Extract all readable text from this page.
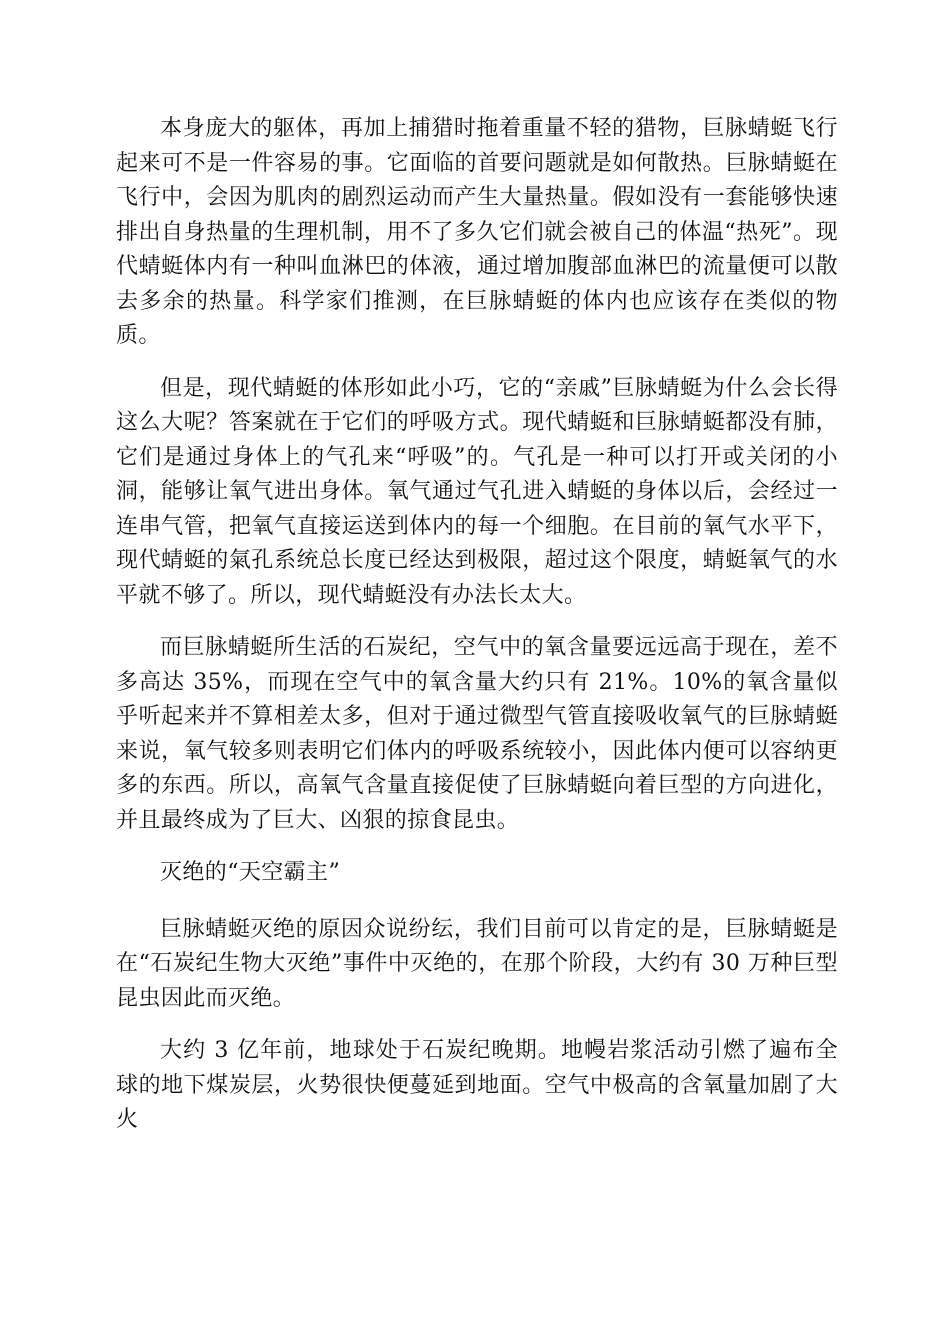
本身庞大的躯体，再加上捕猎时拖着重量不轻的猎物，巨脉蜻蜓飞行起来可不是一件容易的事。它面临的首要问题就是如何散热。巨脉蜻蜓在飞行中，会因为肌肉的剧烈运动而产生大量热量。假如没有一套能够快速排出自身热量的生理机制，用不了多久它们就会被自己的体温“热死”。现代蜻蜓体内有一种叫血淋巴的体液，通过增加腹部血淋巴的流量便可以散去多余的热量。科学家们推测，在巨脉蜻蜓的体内也应该存在类似的物质。

但是，现代蜻蜓的体形如此小巧，它的“亲戚”巨脉蜻蜓为什么会长得这么大呢？答案就在于它们的呼吸方式。现代蜻蜓和巨脉蜻蜓都没有肺，它们是通过身体上的气孔来“呼吸”的。气孔是一种可以打开或关闭的小洞，能够让氧气进出身体。氧气通过气孔进入蜻蜓的身体以后，会经过一连串气管，把氧气直接运送到体内的每一个细胞。在目前的氧气水平下，现代蜻蜓的氣孔系统总长度已经达到极限，超过这个限度，蜻蜓氧气的水平就不够了。所以，现代蜻蜓没有办法长太大。

而巨脉蜻蜓所生活的石炭纪，空气中的氧含量要远远高于现在，差不多高达 35%，而现在空气中的氧含量大约只有 21%。10%的氧含量似乎听起来并不算相差太多，但对于通过微型气管直接吸收氧气的巨脉蜻蜓来说，氧气较多则表明它们体内的呼吸系统较小，因此体内便可以容纳更多的东西。所以，高氧气含量直接促使了巨脉蜻蜓向着巨型的方向进化，并且最终成为了巨大、凶狠的掠食昆虫。

灭绝的“天空霸主”

巨脉蜻蜓灭绝的原因众说纷纭，我们目前可以肯定的是，巨脉蜻蜓是在“石炭纪生物大灭绝”事件中灭绝的，在那个阶段，大约有 30 万种巨型昆虫因此而灭绝。

大约 3 亿年前，地球处于石炭纪晚期。地幔岩浆活动引燃了遍布全球的地下煤炭层，火势很快便蔓延到地面。空气中极高的含氧量加剧了大火
